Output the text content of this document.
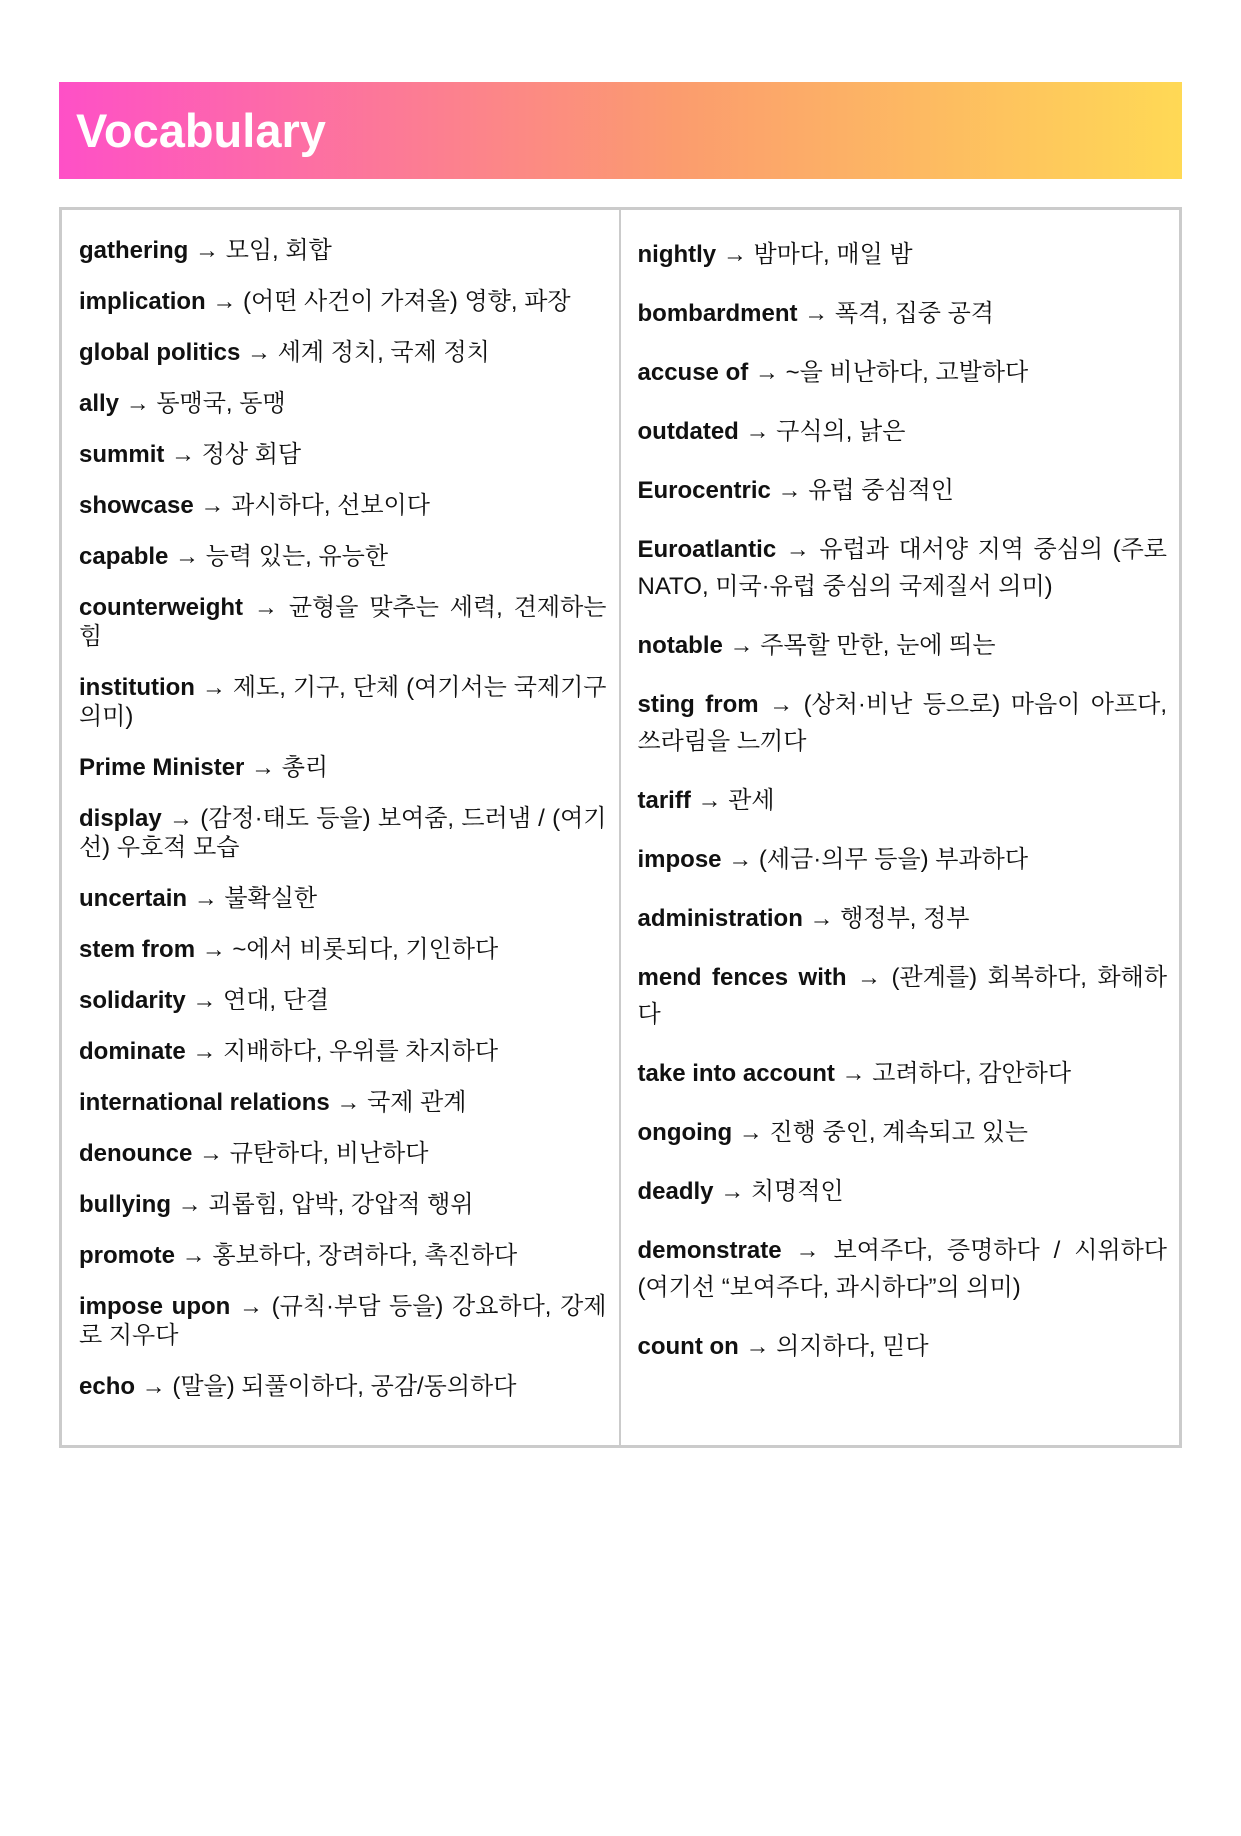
Vocabulary

gathering → 모임, 회합

implication → (어떤 사건이 가져올) 영향, 파장

global politics → 세계 정치, 국제 정치

ally → 동맹국, 동맹

summit → 정상 회담

showcase → 과시하다, 선보이다

capable → 능력 있는, 유능한

counterweight → 균형을 맞추는 세력, 견제하는 힘

institution → 제도, 기구, 단체 (여기서는 국제기구 의미)

Prime Minister → 총리

display → (감정·태도 등을) 보여줌, 드러냄 / (여기선) 우호적 모습

uncertain → 불확실한

stem from → ~에서 비롯되다, 기인하다

solidarity → 연대, 단결

dominate → 지배하다, 우위를 차지하다

international relations → 국제 관계

denounce → 규탄하다, 비난하다

bullying → 괴롭힘, 압박, 강압적 행위

promote → 홍보하다, 장려하다, 촉진하다

impose upon → (규칙·부담 등을) 강요하다, 강제로 지우다

echo → (말을) 되풀이하다, 공감/동의하다

nightly → 밤마다, 매일 밤

bombardment → 폭격, 집중 공격

accuse of → ~을 비난하다, 고발하다

outdated → 구식의, 낡은

Eurocentric → 유럽 중심적인

Euroatlantic → 유럽과 대서양 지역 중심의 (주로 NATO, 미국·유럽 중심의 국제질서 의미)

notable → 주목할 만한, 눈에 띄는

sting from → (상처·비난 등으로) 마음이 아프다, 쓰라림을 느끼다

tariff → 관세

impose → (세금·의무 등을) 부과하다

administration → 행정부, 정부

mend fences with → (관계를) 회복하다, 화해하다

take into account → 고려하다, 감안하다

ongoing → 진행 중인, 계속되고 있는

deadly → 치명적인

demonstrate → 보여주다, 증명하다 / 시위하다 (여기선 “보여주다, 과시하다”의 의미)

count on → 의지하다, 믿다
